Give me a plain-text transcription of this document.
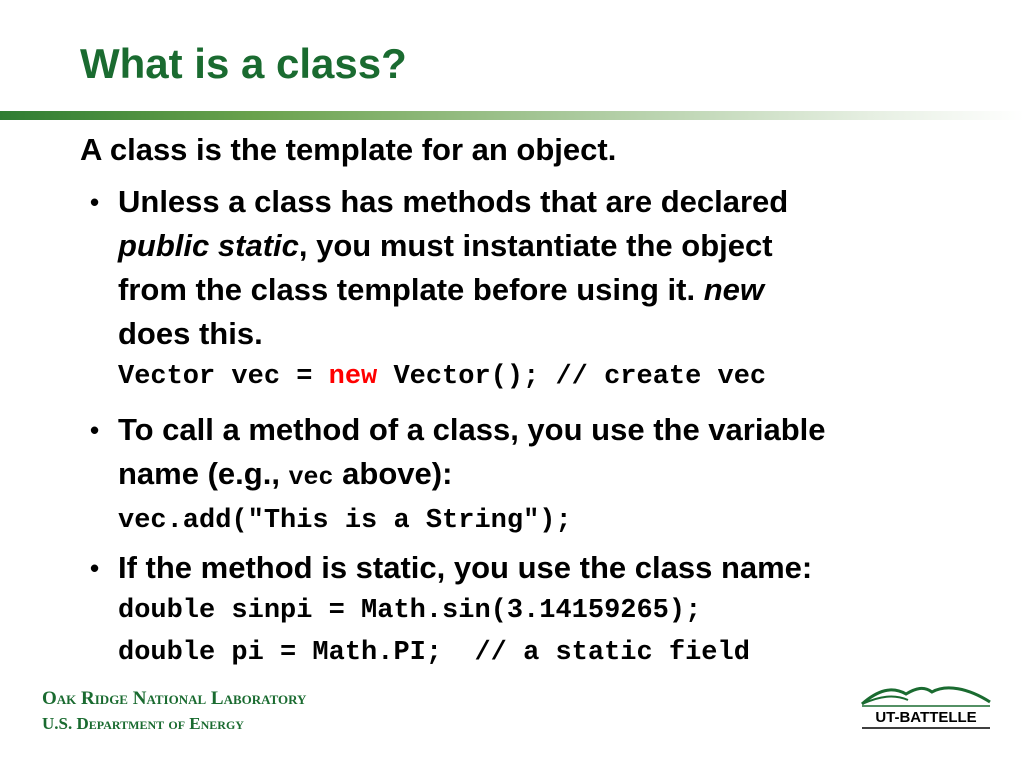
What is a class?
A class is the template for an object.
• Unless a class has methods that are declared
public static, you must instantiate the object
from the class template before using it. new
does this.
Vector vec = new Vector(); // create vec
• To call a method of a class, you use the variable
name (e.g., vec above):
vec.add("This is a String");
• If the method is static, you use the class name:
double sinpi = Math.sin(3.14159265);
double pi = Math.PI;  // a static field
Oak Ridge National Laboratory
U.S. Department of Energy	UT-BATTELLE
